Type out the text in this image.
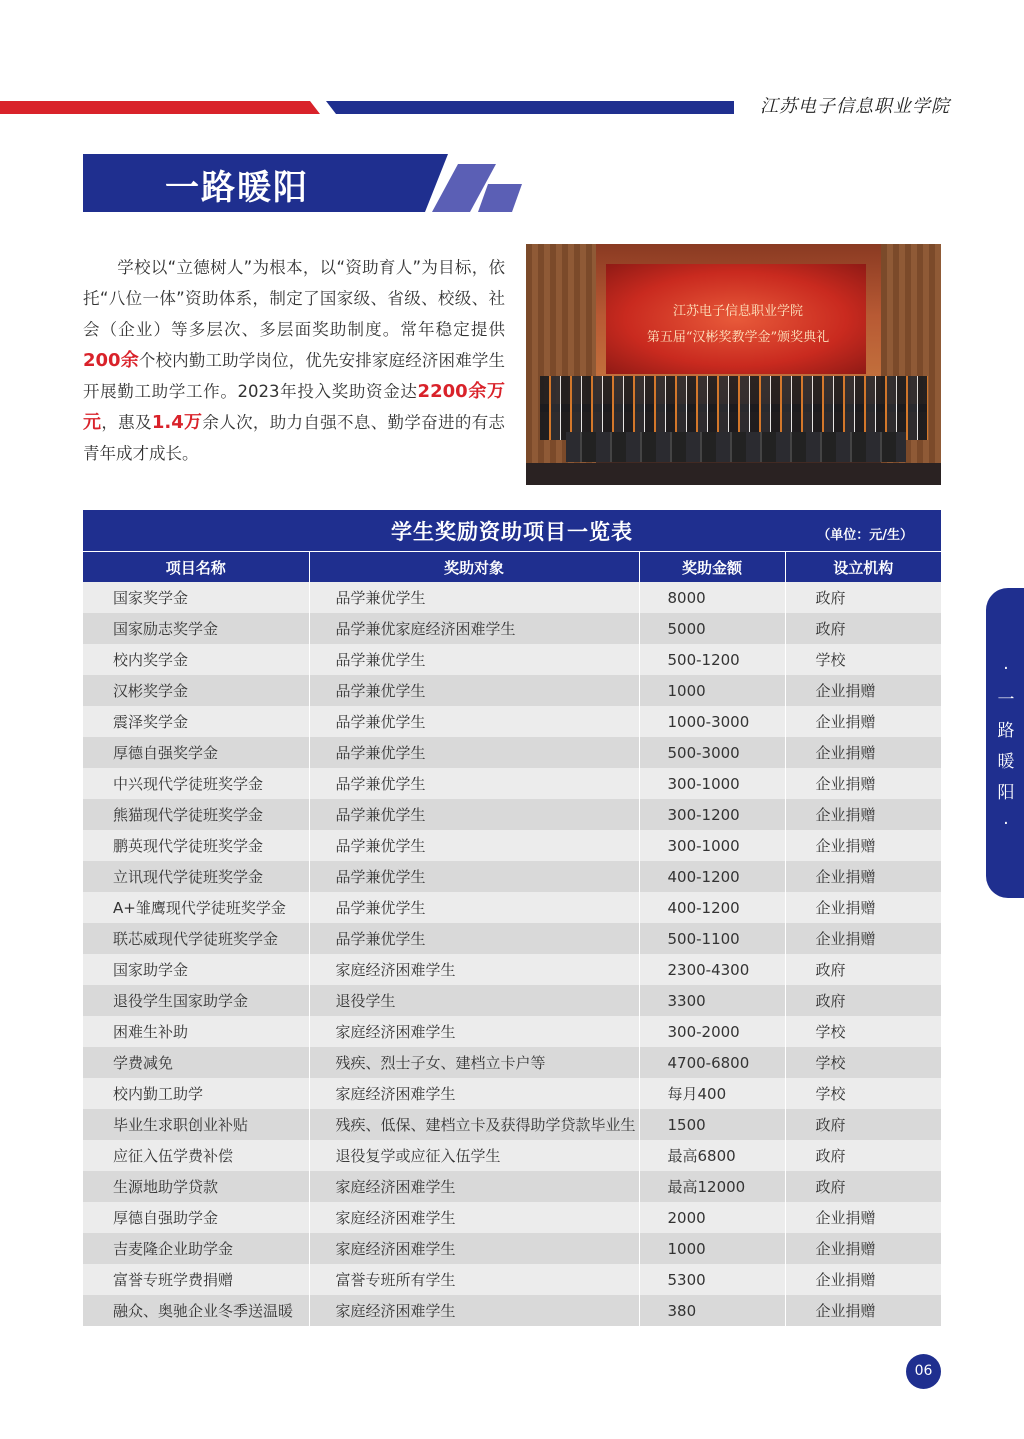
江苏电子信息职业学院
一路暖阳
学校以“立德树人”为根本，以“资助育人”为目标，依托“八位一体”资助体系，制定了国家级、省级、校级、社会（企业）等多层次、多层面奖助制度。常年稳定提供200余个校内勤工助学岗位，优先安排家庭经济困难学生开展勤工助学工作。2023年投入奖助资金达2200余万元，惠及1.4万余人次，助力自强不息、勤学奋进的有志青年成才成长。
江苏电子信息职业学院
第五届“汉彬奖教学金”颁奖典礼
学生奖励资助项目一览表	（单位：元/生）
项目名称	奖助对象	奖助金额	设立机构
国家奖学金	品学兼优学生	8000	政府
国家励志奖学金	品学兼优家庭经济困难学生	5000	政府
校内奖学金	品学兼优学生	500-1200	学校
汉彬奖学金	品学兼优学生	1000	企业捐赠
震泽奖学金	品学兼优学生	1000-3000	企业捐赠
厚德自强奖学金	品学兼优学生	500-3000	企业捐赠
中兴现代学徒班奖学金	品学兼优学生	300-1000	企业捐赠
熊猫现代学徒班奖学金	品学兼优学生	300-1200	企业捐赠
鹏英现代学徒班奖学金	品学兼优学生	300-1000	企业捐赠
立讯现代学徒班奖学金	品学兼优学生	400-1200	企业捐赠
A+雏鹰现代学徒班奖学金	品学兼优学生	400-1200	企业捐赠
联芯威现代学徒班奖学金	品学兼优学生	500-1100	企业捐赠
国家助学金	家庭经济困难学生	2300-4300	政府
退役学生国家助学金	退役学生	3300	政府
困难生补助	家庭经济困难学生	300-2000	学校
学费减免	残疾、烈士子女、建档立卡户等	4700-6800	学校
校内勤工助学	家庭经济困难学生	每月400	学校
毕业生求职创业补贴	残疾、低保、建档立卡及获得助学贷款毕业生	1500	政府
应征入伍学费补偿	退役复学或应征入伍学生	最高6800	政府
生源地助学贷款	家庭经济困难学生	最高12000	政府
厚德自强助学金	家庭经济困难学生	2000	企业捐赠
吉麦隆企业助学金	家庭经济困难学生	1000	企业捐赠
富誉专班学费捐赠	富誉专班所有学生	5300	企业捐赠
融众、奥驰企业冬季送温暖	家庭经济困难学生	380	企业捐赠
·
一
路
暖
阳
·
06
